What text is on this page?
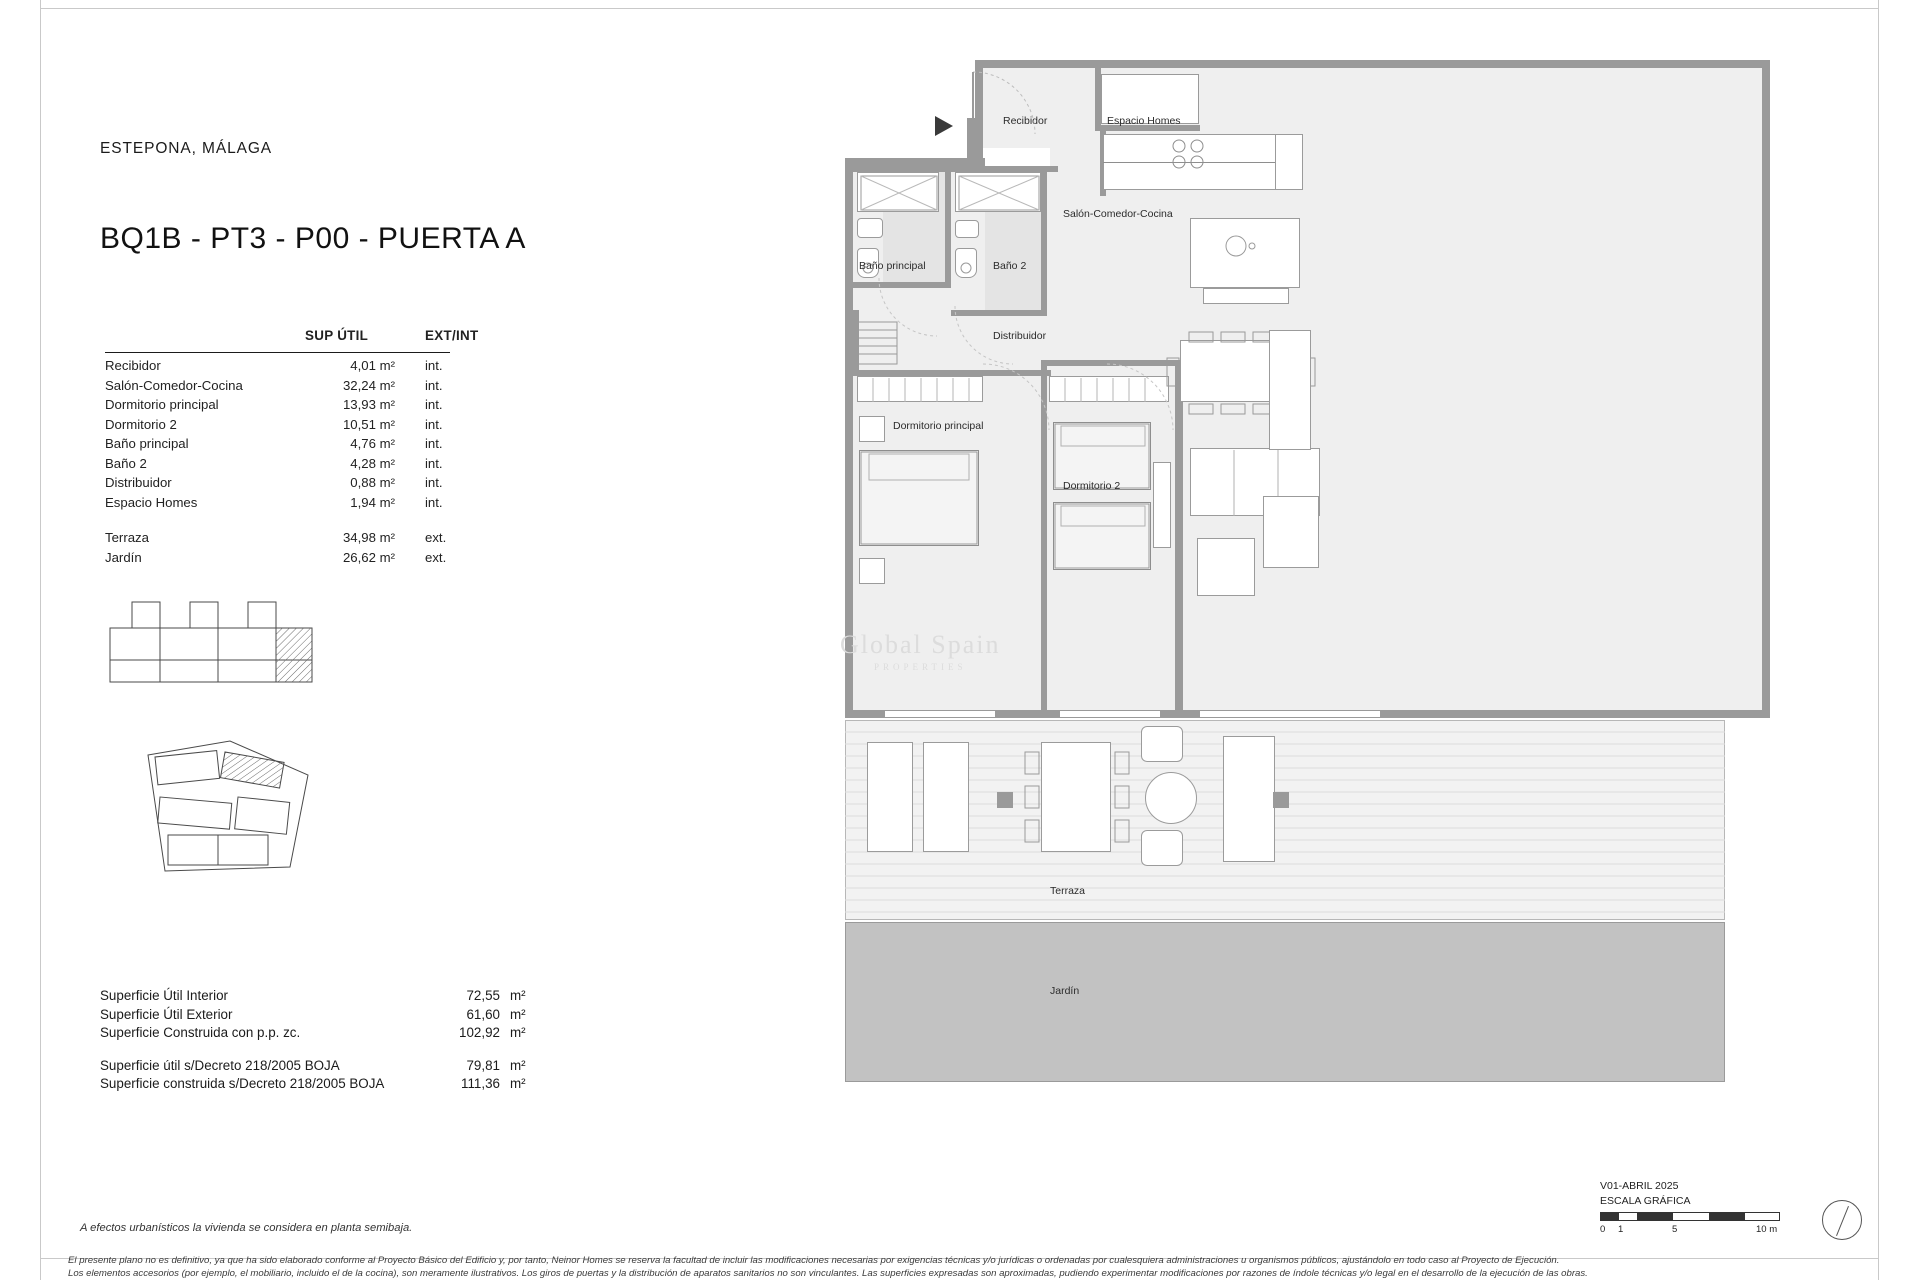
ESTEPONA, MÁLAGA
BQ1B - PT3 - P00 - PUERTA A
SUP ÚTIL	EXT/INT
Recibidor	4,01 m² int.
Salón-Comedor-Cocina	32,24 m² int.
Dormitorio principal	13,93 m² int.
Dormitorio 2	10,51 m² int.
Baño principal	4,76 m² int.
Baño 2	4,28 m² int.
Distribuidor	0,88 m² int.
Espacio Homes	1,94 m² int.
Terraza	34,98 m² ext.
Jardín	26,62 m² ext.
Superficie Útil Interior	72,55 m²
Superficie Útil Exterior	61,60 m²
Superficie Construida con p.p. zc.	102,92 m²
Superficie útil s/Decreto 218/2005 BOJA	79,81 m²
Superficie construida s/Decreto 218/2005 BOJA	111,36 m²
A efectos urbanísticos la vivienda se considera en planta semibaja.
El presente plano no es definitivo, ya que ha sido elaborado conforme al Proyecto Básico del Edificio y, por tanto, Neinor Homes se reserva la facultad de incluir las modificaciones necesarias por exigencias técnicas y/o jurídicas o ordenadas por cualesquiera administraciones u organismos públicos, ajustándolo en todo caso al Proyecto de Ejecución.
Los elementos accesorios (por ejemplo, el mobiliario, incluido el de la cocina), son meramente ilustrativos. Los giros de puertas y la distribución de aparatos sanitarios no son vinculantes. Las superficies expresadas son aproximadas, pudiendo experimentar modificaciones por razones de índole técnicas y/o legal en el desarrollo de la ejecución de las obras.
Espacio Homes
Recibidor
Salón-Comedor-Cocina
Baño principal	Baño 2
Distribuidor
Dormitorio principal
Dormitorio 2
Terraza
Jardín
Global Spain
PROPERTIES
V01-ABRIL 2025
ESCALA GRÁFICA
0 1	5	10 m
